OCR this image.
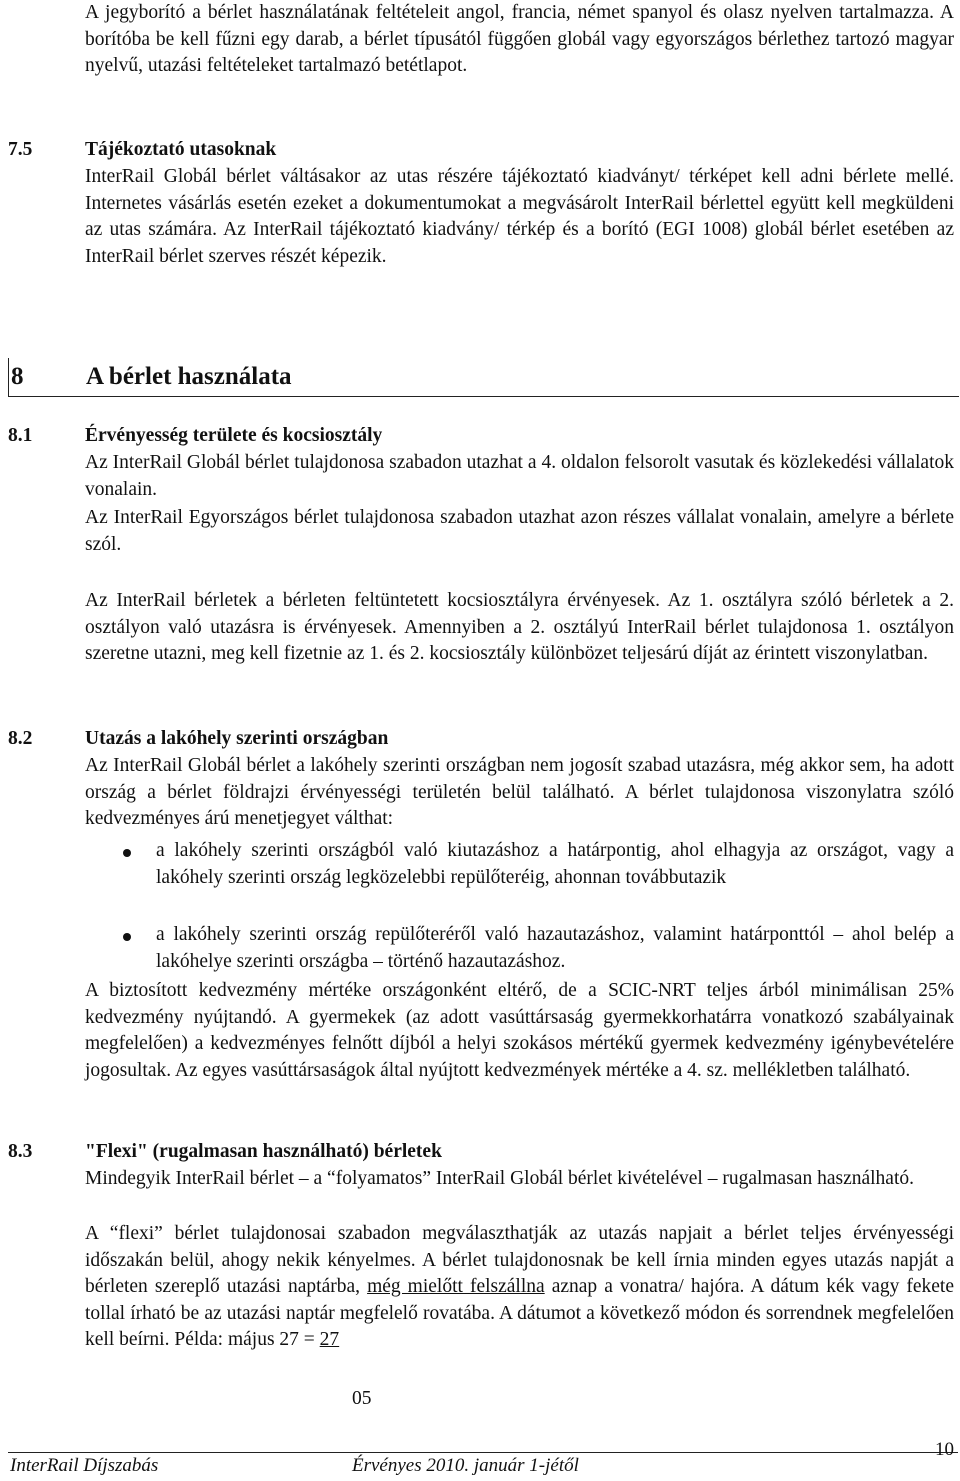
A jegyborító a bérlet használatának feltételeit angol, francia, német spanyol és olasz nyelven tartalmazza. A borítóba be kell fűzni egy darab, a bérlet típusától függően globál vagy egyországos bérlethez tartozó magyar nyelvű, utazási feltételeket tartalmazó betétlapot.
7.5	Tájékoztató utasoknak
InterRail Globál bérlet váltásakor az utas részére tájékoztató kiadványt/ térképet kell adni bérlete mellé. Internetes vásárlás esetén ezeket a dokumentumokat a megvásárolt InterRail bérlettel együtt kell megküldeni az utas számára. Az InterRail tájékoztató kiadvány/ térkép és a borító (EGI 1008) globál bérlet esetében az InterRail bérlet szerves részét képezik.
8	A bérlet használata
8.1	Érvényesség területe és kocsiosztály
Az InterRail Globál bérlet tulajdonosa szabadon utazhat a 4. oldalon felsorolt vasutak és közlekedési vállalatok vonalain.
Az InterRail Egyországos bérlet tulajdonosa szabadon utazhat azon részes vállalat vonalain, amelyre a bérlete szól.
Az InterRail bérletek a bérleten feltüntetett kocsiosztályra érvényesek. Az 1. osztályra szóló bérletek a 2. osztályon való utazásra is érvényesek. Amennyiben a 2. osztályú InterRail bérlet tulajdonosa 1. osztályon szeretne utazni, meg kell fizetnie az 1. és 2. kocsiosztály különbözet teljesárú díját az érintett viszonylatban.
8.2	Utazás a lakóhely szerinti országban
Az InterRail Globál bérlet a lakóhely szerinti országban nem jogosít szabad utazásra, még akkor sem, ha adott ország a bérlet földrajzi érvényességi területén belül található. A bérlet tulajdonosa viszonylatra szóló kedvezményes árú menetjegyet válthat:
a lakóhely szerinti országból való kiutazáshoz a határpontig, ahol elhagyja az országot, vagy a lakóhely szerinti ország legközelebbi repülőteréig, ahonnan továbbutazik
a lakóhely szerinti ország repülőteréről való hazautazáshoz, valamint határponttól – ahol belép a lakóhelye szerinti országba – történő hazautazáshoz.
A biztosított kedvezmény mértéke országonként eltérő, de a SCIC-NRT teljes árból minimálisan 25% kedvezmény nyújtandó. A gyermekek (az adott vasúttársaság gyermekkorhatárra vonatkozó szabályainak megfelelően) a kedvezményes felnőtt díjból a helyi szokásos mértékű gyermek kedvezmény igénybevételére jogosultak. Az egyes vasúttársaságok által nyújtott kedvezmények mértéke a 4. sz. mellékletben található.
8.3	"Flexi" (rugalmasan használható) bérletek
Mindegyik InterRail bérlet – a “folyamatos” InterRail Globál bérlet kivételével – rugalmasan használható.
A “flexi” bérlet tulajdonosai szabadon megválaszthatják az utazás napjait a bérlet teljes érvényességi időszakán belül, ahogy nekik kényelmes. A bérlet tulajdonosnak be kell írnia minden egyes utazás napját a bérleten szereplő utazási naptárba, még mielőtt felszállna aznap a vonatra/ hajóra. A dátum kék vagy fekete tollal írható be az utazási naptár megfelelő rovatába. A dátumot a következő módon és sorrendnek megfelelően kell beírni. Példa: május 27 = 27
05
InterRail Díjszabás	Érvényes 2010. január 1-jétől
10
